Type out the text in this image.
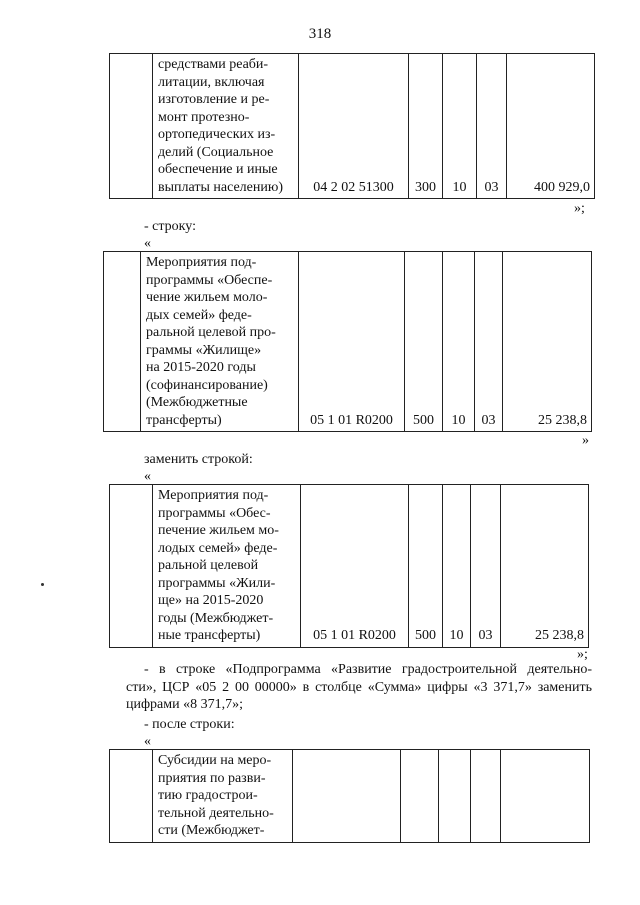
318

средствами реаби-
литации, включая
изготовление и ре-
монт протезно-
ортопедических из-
делий (Социальное
обеспечение и иные
выплаты населению)	04 2 02 51300	300	10	03	400 929,0
»;
- строку:
«

Мероприятия под-
программы «Обеспе-
чение жильем моло-
дых семей» феде-
ральной целевой про-
граммы «Жилище»
на 2015-2020 годы
(софинансирование)
(Межбюджетные
трансферты)	05 1 01 R0200	500	10	03	25 238,8
»
заменить строкой:
«

Мероприятия под-
программы «Обес-
печение жильем мо-
лодых семей» феде-
ральной целевой
программы «Жили-
ще» на 2015-2020
годы (Межбюджет-
ные трансферты)	05 1 01 R0200	500	10	03	25 238,8
»;
- в строке «Подпрограмма «Развитие градостроительной деятельно-
сти», ЦСР «05 2 00 00000» в столбце «Сумма» цифры «3 371,7» заменить
цифрами «8 371,7»;
- после строки:
«

Субсидии на меро-
приятия по разви-
тию градострои-
тельной деятельно-
сти (Межбюджет-
